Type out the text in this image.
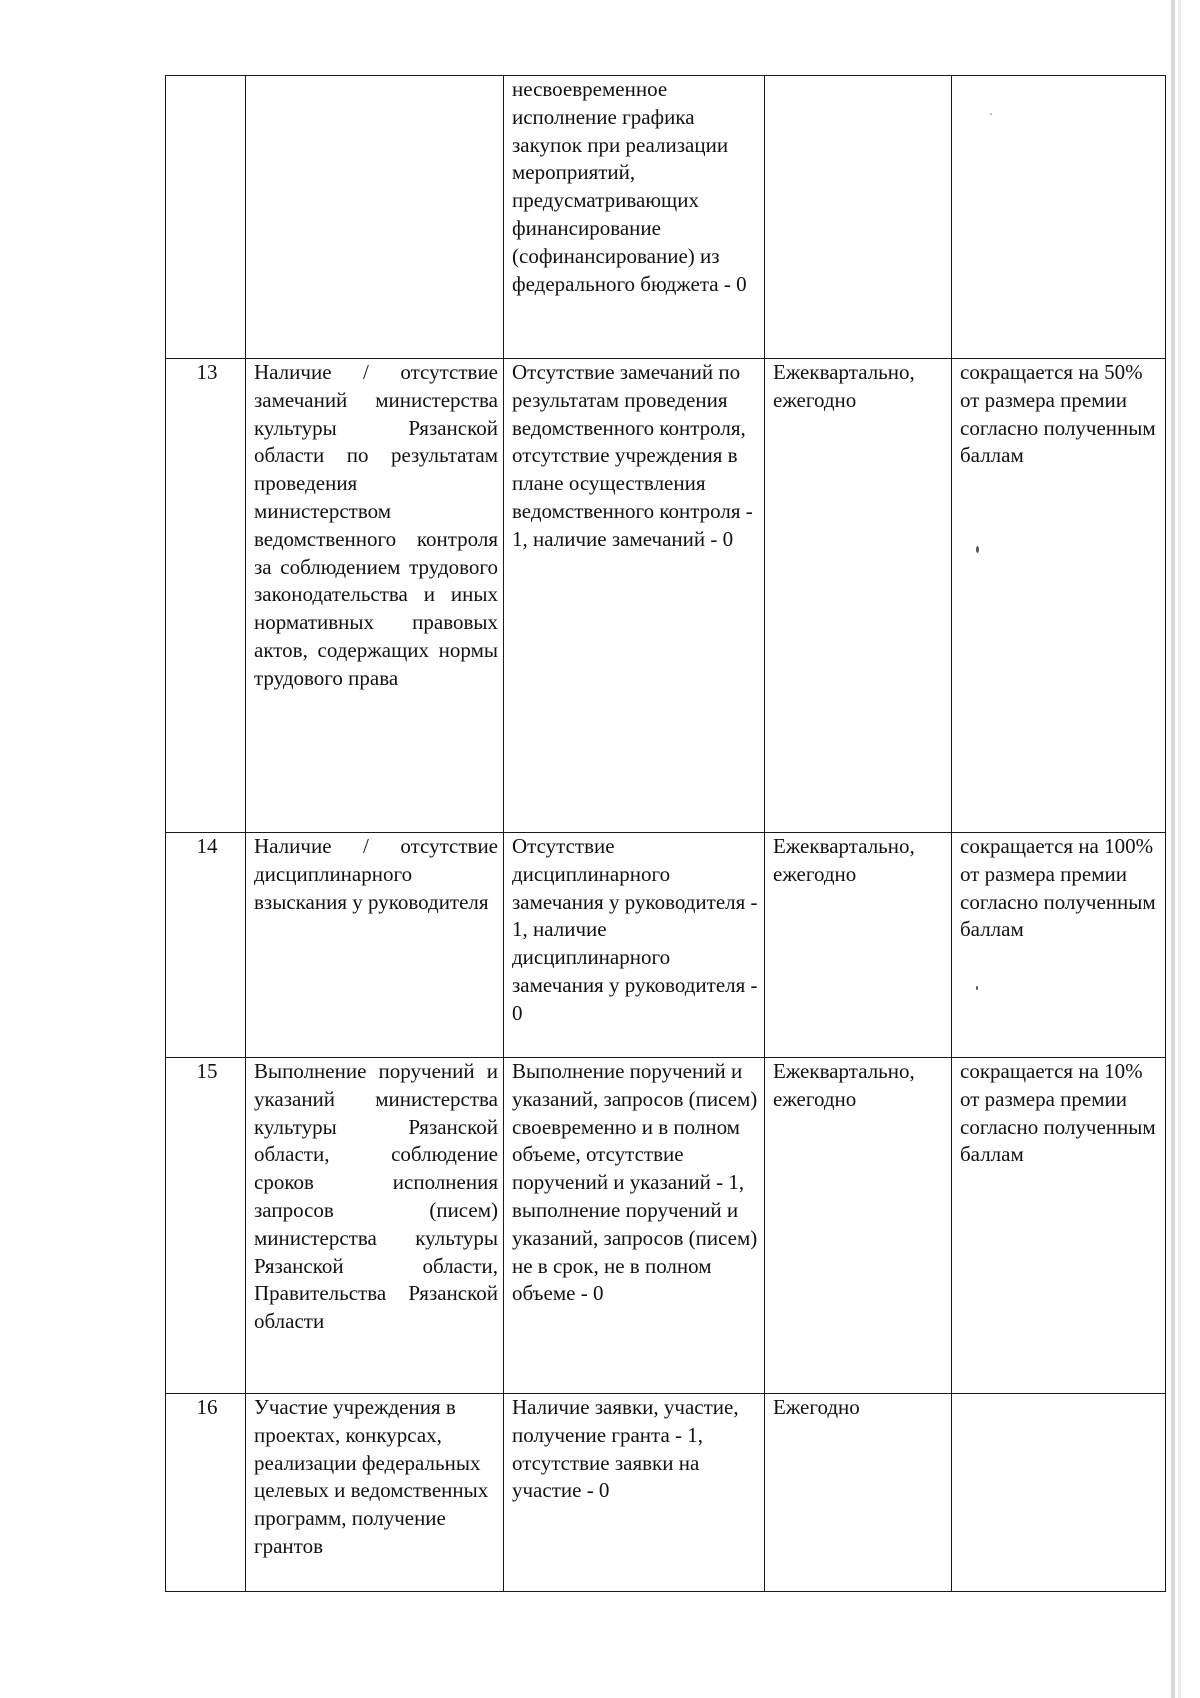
		несвоевременное исполнение графика закупок при реализации мероприятий, предусматривающих финансирование (софинансирование) из федерального бюджета - 0		
13	Наличие / отсутствие замечаний министерства культуры Рязанской области по результатам проведения министерством ведомственного контроля за соблюдением трудового законодательства и иных нормативных правовых актов, содержащих нормы трудового права	Отсутствие замечаний по результатам проведения ведомственного контроля, отсутствие учреждения в плане осуществления ведомственного контроля - 1, наличие замечаний - 0	Ежеквартально, ежегодно	сокращается на 50% от размера премии согласно полученным баллам
14	Наличие / отсутствие дисциплинарного взыскания у руководителя	Отсутствие дисциплинарного замечания у руководителя - 1, наличие дисциплинарного замечания у руководителя - 0	Ежеквартально, ежегодно	сокращается на 100% от размера премии согласно полученным баллам
15	Выполнение поручений и указаний министерства культуры Рязанской области, соблюдение сроков исполнения запросов (писем) министерства культуры Рязанской области, Правительства Рязанской области	Выполнение поручений и указаний, запросов (писем) своевременно и в полном объеме, отсутствие поручений и указаний - 1, выполнение поручений и указаний, запросов (писем) не в срок, не в полном объеме - 0	Ежеквартально, ежегодно	сокращается на 10% от размера премии согласно полученным баллам
16	Участие учреждения в проектах, конкурсах, реализации федеральных целевых и ведомственных программ, получение грантов	Наличие заявки, участие, получение гранта - 1, отсутствие заявки на участие - 0	Ежегодно	
